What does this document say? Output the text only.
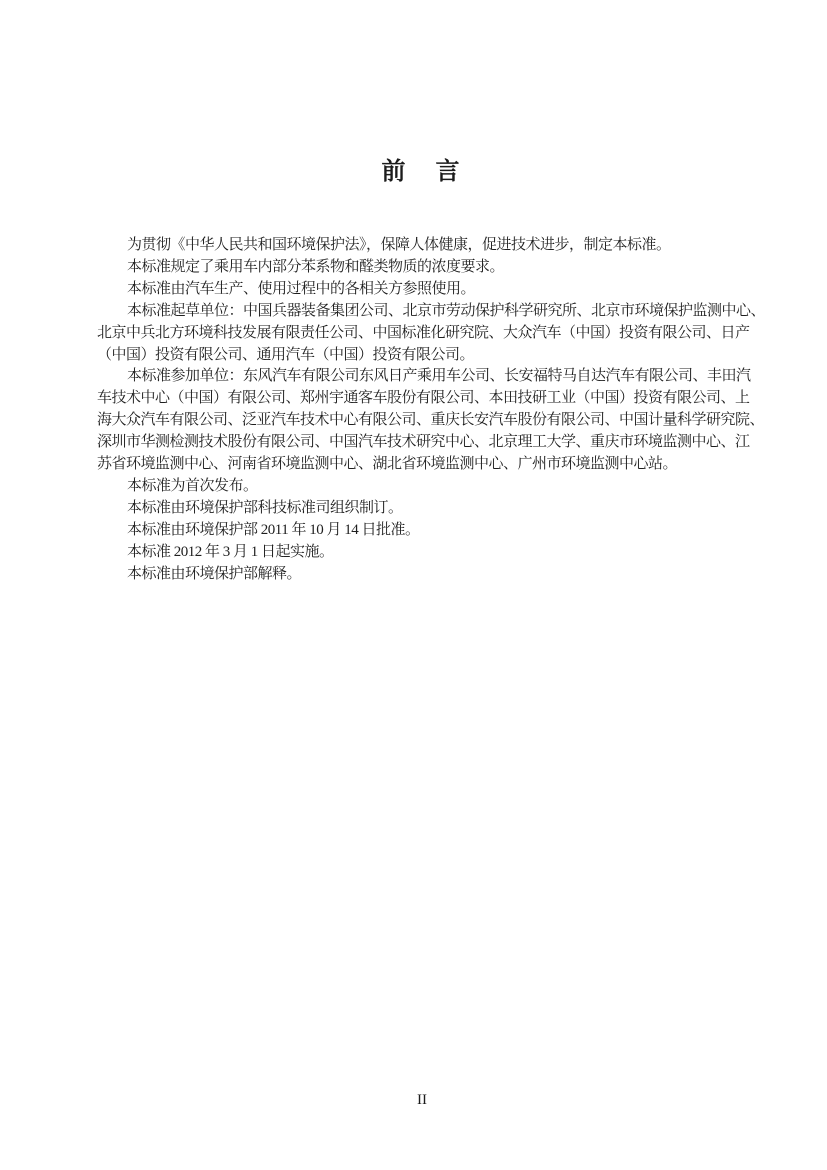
前　言
为贯彻《中华人民共和国环境保护法》，保障人体健康，促进技术进步，制定本标准。
本标准规定了乘用车内部分苯系物和醛类物质的浓度要求。
本标准由汽车生产、使用过程中的各相关方参照使用。
本标准起草单位：中国兵器装备集团公司、北京市劳动保护科学研究所、北京市环境保护监测中心、
北京中兵北方环境科技发展有限责任公司、中国标准化研究院、大众汽车（中国）投资有限公司、日产
（中国）投资有限公司、通用汽车（中国）投资有限公司。
本标准参加单位：东风汽车有限公司东风日产乘用车公司、长安福特马自达汽车有限公司、丰田汽
车技术中心（中国）有限公司、郑州宇通客车股份有限公司、本田技研工业（中国）投资有限公司、上
海大众汽车有限公司、泛亚汽车技术中心有限公司、重庆长安汽车股份有限公司、中国计量科学研究院、
深圳市华测检测技术股份有限公司、中国汽车技术研究中心、北京理工大学、重庆市环境监测中心、江
苏省环境监测中心、河南省环境监测中心、湖北省环境监测中心、广州市环境监测中心站。
本标准为首次发布。
本标准由环境保护部科技标准司组织制订。
本标准由环境保护部 2011 年 10 月 14 日批准。
本标准 2012 年 3 月 1 日起实施。
本标准由环境保护部解释。
II
